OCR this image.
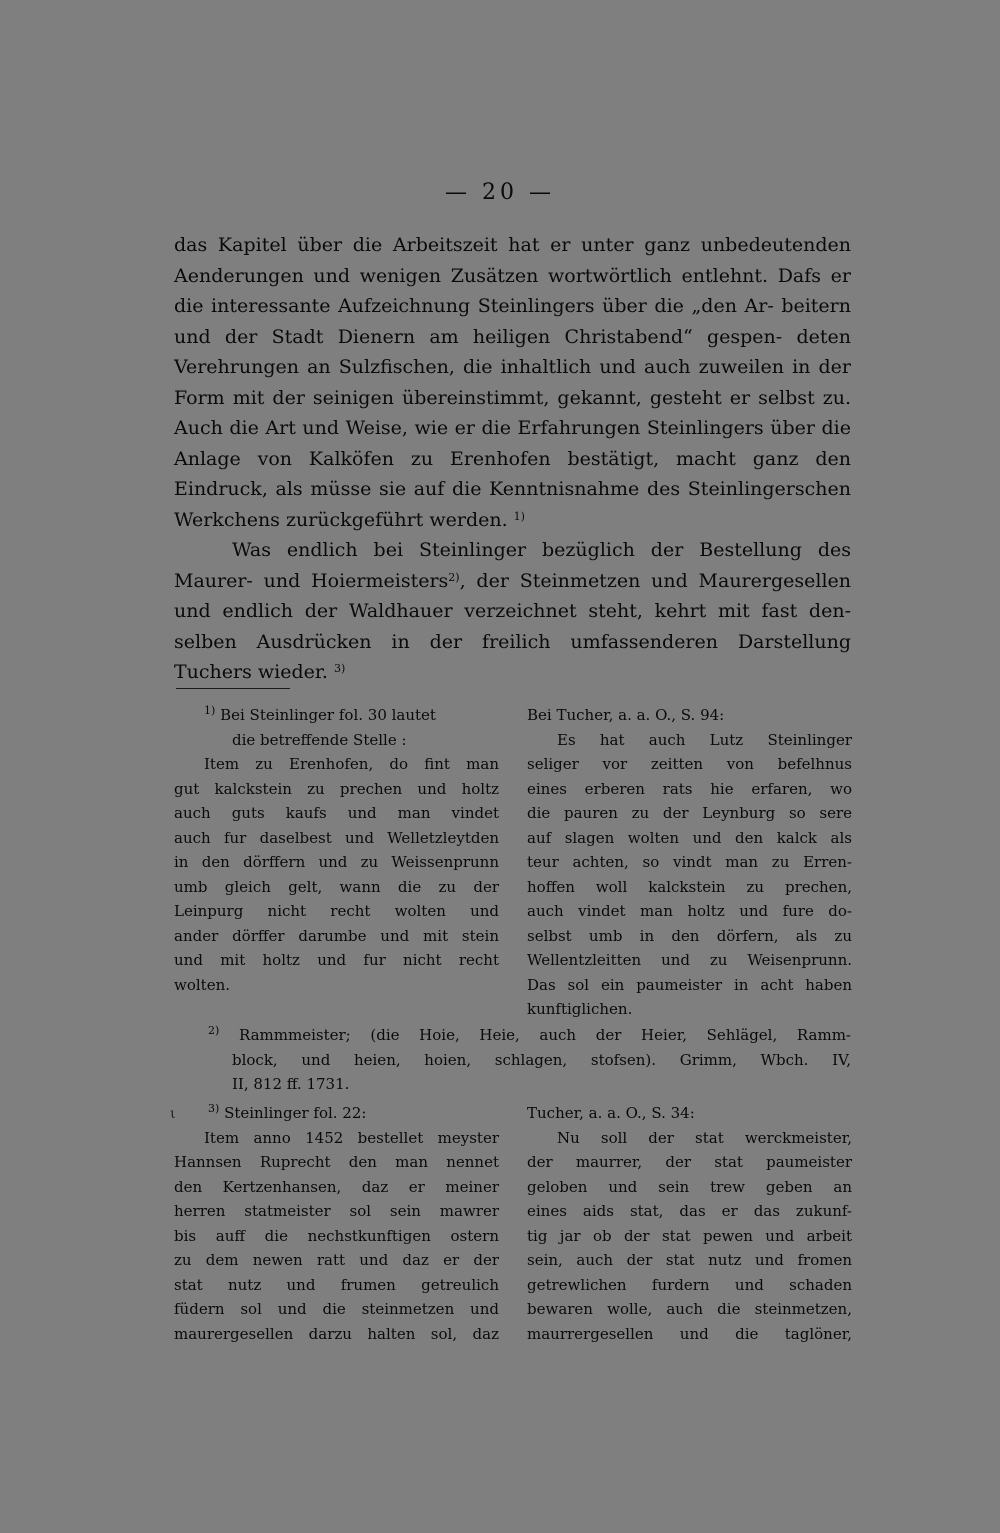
— 20 —

das Kapitel über die Arbeitszeit hat er unter ganz unbedeutenden Aenderungen und wenigen Zusätzen wortwörtlich entlehnt. Dafs er die interessante Aufzeichnung Steinlingers über die „den Ar- beitern und der Stadt Dienern am heiligen Christabend“ gespen- deten Verehrungen an Sulzfischen, die inhaltlich und auch zuweilen in der Form mit der seinigen übereinstimmt, gekannt, gesteht er selbst zu. Auch die Art und Weise, wie er die Erfahrungen Steinlingers über die Anlage von Kalköfen zu Erenhofen bestätigt, macht ganz den Eindruck, als müsse sie auf die Kenntnisnahme des Steinlingerschen Werkchens zurückgeführt werden. $^{1)}$

Was endlich bei Steinlinger bezüglich der Bestellung des Maurer- und Hoiermeisters$^{2)}$, der Steinmetzen und Maurergesellen und endlich der Waldhauer verzeichnet steht, kehrt mit fast den- selben Ausdrücken in der freilich umfassenderen Darstellung Tuchers wieder. $^{3)}$

$^{1)}$ Bei Steinlinger fol. 30 lautet

die betreffende Stelle :

Item zu Erenhofen, do fint man

gut kalckstein zu prechen und holtz

auch guts kaufs und man vindet

auch fur daselbest und Welletzleytden

in den dörffern und zu Weissenprunn

umb gleich gelt, wann die zu der

Leinpurg nicht recht wolten und

ander dörffer darumbe und mit stein

und mit holtz und fur nicht recht

wolten.

Bei Tucher, a. a. O., S. 94:

Es hat auch Lutz Steinlinger

seliger vor zeitten von befelhnus

eines erberen rats hie erfaren, wo

die pauren zu der Leynburg so sere

auf slagen wolten und den kalck als

teur achten, so vindt man zu Erren-

hoffen woll kalckstein zu prechen,

auch vindet man holtz und fure do-

selbst umb in den dörfern, als zu

Wellentzleitten und zu Weisenprunn.

Das sol ein paumeister in acht haben

kunftiglichen.

$^{2)}$ Rammmeister; (die Hoie, Heie, auch der Heier, Sehlägel, Ramm-

block, und heien, hoien, schlagen, stofsen). Grimm, Wbch. IV,

II, 812 ff. 1731.

ι	$^{3)}$ Steinlinger fol. 22:

Item anno 1452 bestellet meyster

Hannsen Ruprecht den man nennet

den Kertzenhansen, daz er meiner

herren statmeister sol sein mawrer

bis auff die nechstkunftigen ostern

zu dem newen ratt und daz er der

stat nutz und frumen getreulich

füdern sol und die steinmetzen und

maurergesellen darzu halten sol, daz

Tucher, a. a. O., S. 34:

Nu soll der stat werckmeister,

der maurrer, der stat paumeister

geloben und sein trew geben an

eines aids stat, das er das zukunf-

tig jar ob der stat pewen und arbeit

sein, auch der stat nutz und fromen

getrewlichen furdern und schaden

bewaren wolle, auch die steinmetzen,

maurrergesellen und die taglöner,
